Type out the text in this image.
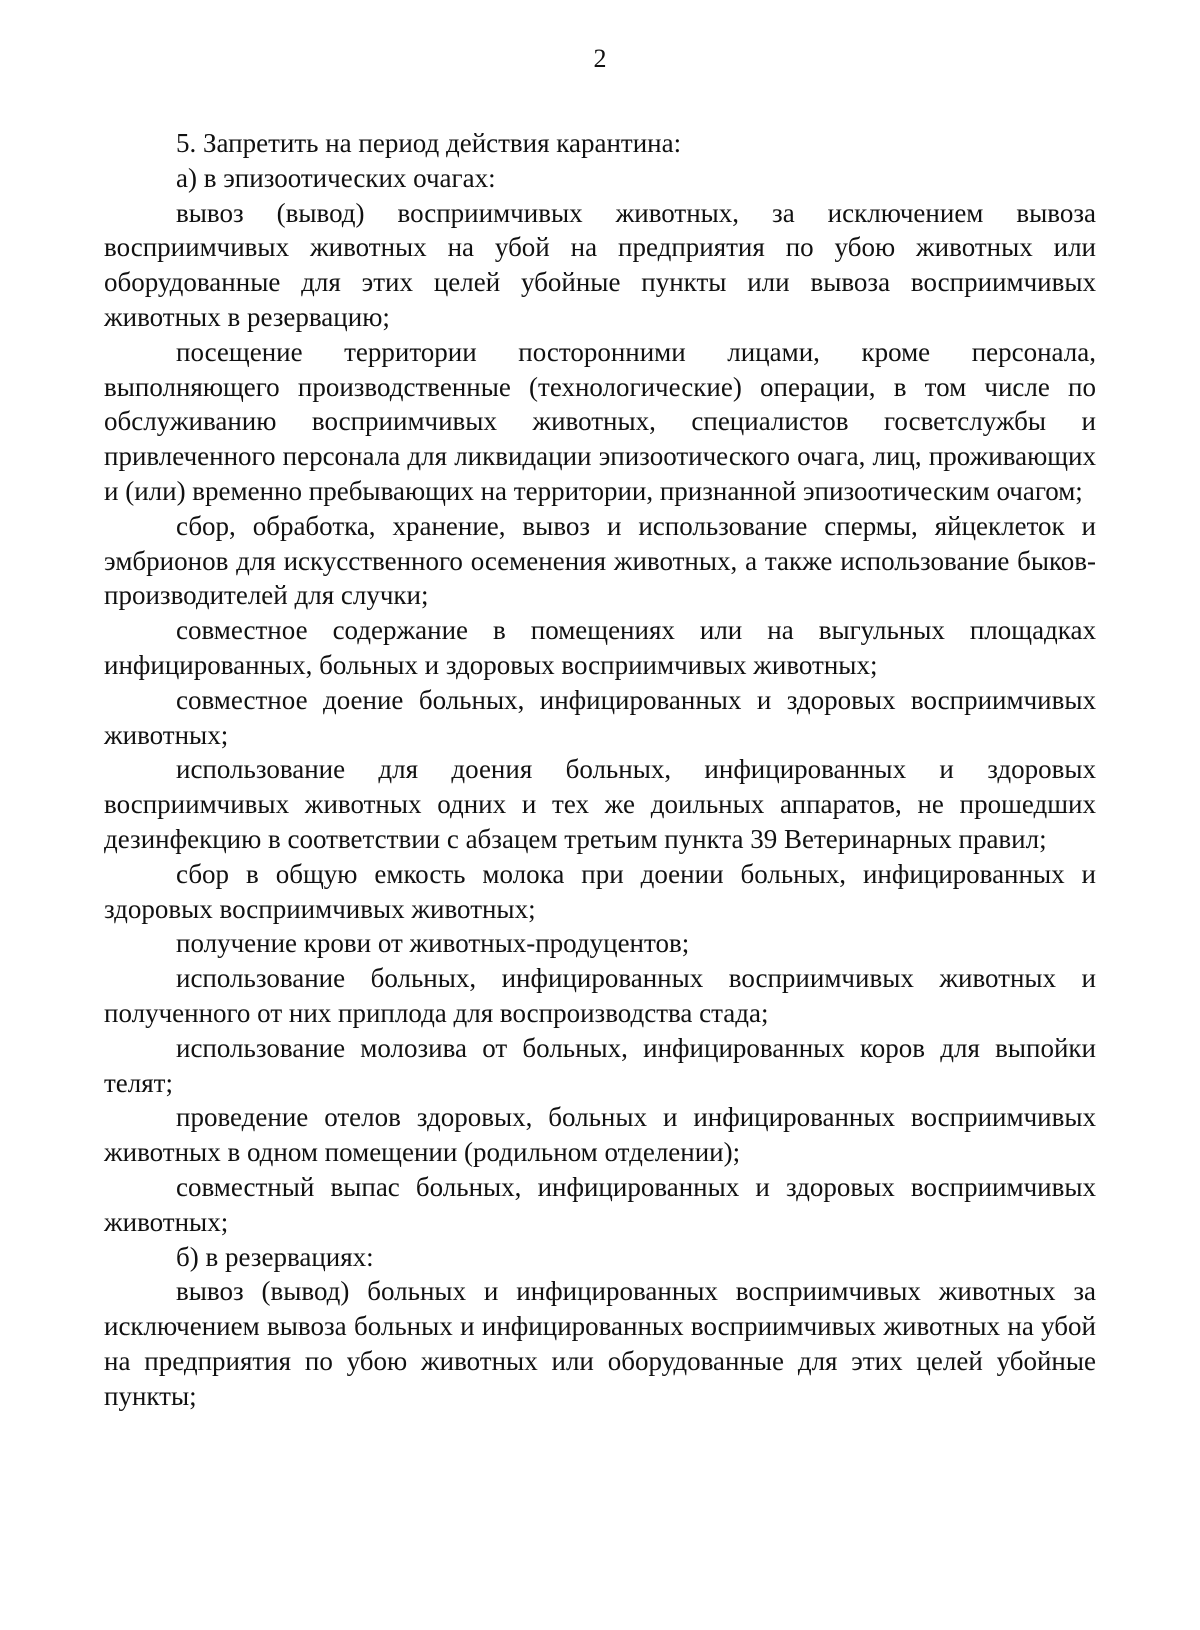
2

5. Запретить на период действия карантина:

а) в эпизоотических очагах:

вывоз (вывод) восприимчивых животных, за исключением вывоза восприимчивых животных на убой на предприятия по убою животных или оборудованные для этих целей убойные пункты или вывоза восприимчивых животных в резервацию;

посещение территории посторонними лицами, кроме персонала, выполняющего производственные (технологические) операции, в том числе по обслуживанию восприимчивых животных, специалистов госветслужбы и привлеченного персонала для ликвидации эпизоотического очага, лиц, проживающих и (или) временно пребывающих на территории, признанной эпизоотическим очагом;

сбор, обработка, хранение, вывоз и использование спермы, яйцеклеток и эмбрионов для искусственного осеменения животных, а также использование быков-производителей для случки;

совместное содержание в помещениях или на выгульных площадках инфицированных, больных и здоровых восприимчивых животных;

совместное доение больных, инфицированных и здоровых восприимчивых животных;

использование для доения больных, инфицированных и здоровых восприимчивых животных одних и тех же доильных аппаратов, не прошедших дезинфекцию в соответствии с абзацем третьим пункта 39 Ветеринарных правил;

сбор в общую емкость молока при доении больных, инфицированных и здоровых восприимчивых животных;

получение крови от животных-продуцентов;

использование больных, инфицированных восприимчивых животных и полученного от них приплода для воспроизводства стада;

использование молозива от больных, инфицированных коров для выпойки телят;

проведение отелов здоровых, больных и инфицированных восприимчивых животных в одном помещении (родильном отделении);

совместный выпас больных, инфицированных и здоровых восприимчивых животных;

б) в резервациях:

вывоз (вывод) больных и инфицированных восприимчивых животных за исключением вывоза больных и инфицированных восприимчивых животных на убой на предприятия по убою животных или оборудованные для этих целей убойные пункты;
